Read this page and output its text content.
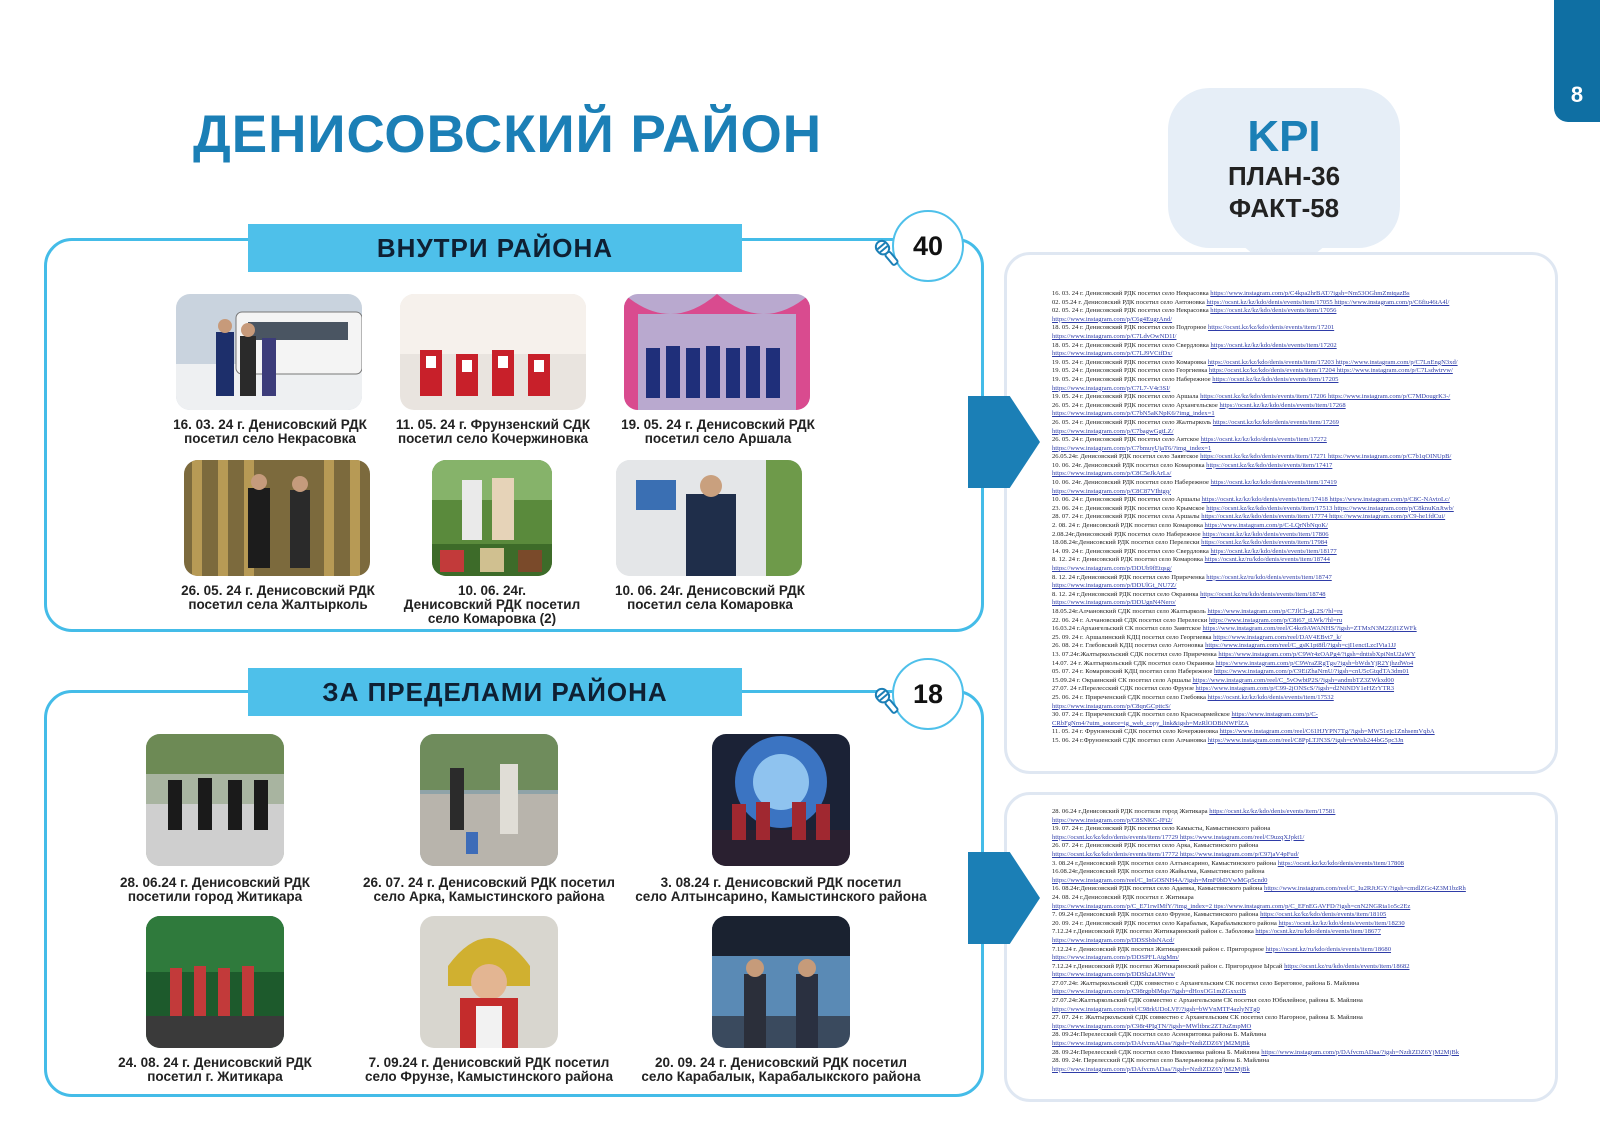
8
ДЕНИСОВСКИЙ РАЙОН	KPI
ПЛАН-36
ФАКТ-58
ВНУТРИ РАЙОНА	40
ЗА ПРЕДЕЛАМИ РАЙОНА	18
16. 03. 24 г. Денисовский РДК
посетил село Некрасовка
11. 05. 24 г. Фрунзенский СДК
посетил село Кочержиновка
19. 05. 24 г. Денисовский РДК
посетил село Аршала
26. 05. 24 г. Денисовский РДК
посетил села Жалтырколь
10. 06. 24г.
Денисовский РДК посетил
село Комаровка (2)
10. 06. 24г. Денисовский РДК
посетил села Комаровка
28. 06.24 г. Денисовский РДК
посетили город Житикара
26. 07. 24 г. Денисовский РДК посетил
село Арка, Камыстинского района
3. 08.24 г. Денисовский РДК посетил
село Алтынсарино, Камыстинского района
24. 08. 24 г. Денисовский РДК
посетил г. Житикара
7. 09.24 г. Денисовский РДК посетил
село Фрунзе, Камыстинского района
20. 09. 24 г. Денисовский РДК посетил
село Карабалык, Карабалыкского района

16. 03. 24 г. Денисовский РДК посетил село Некрасовка https://www.instagram.com/p/C4kpa2hrBAT/?igsh=Nm53OGhmZmtqazBs

02. 05.24 г. Денисовский РДК посетил село Антоновка https://ocsnt.kz/kz/kdo/denis/events/item/17055 https://www.instagram.com/p/C6fiu46tA4l/

02. 05. 24 г. Денисовский РДК посетил село Некрасовка https://ocsnt.kz/kz/kdo/denis/events/item/17056

https://www.instagram.com/p/C6g4EugrAnd/

18. 05. 24 г. Денисовский РДК посетил село Подгорное https://ocsnt.kz/kz/kdo/denis/events/item/17201

https://www.instagram.com/p/C7LdvOwND1I/

18. 05. 24 г. Денисовский РДК посетил село Свердловка https://ocsnt.kz/kz/kdo/denis/events/item/17202

https://www.instagram.com/p/C7LJ9VCtfDx/

19. 05. 24 г. Денисовский РДК посетил село Комаровка https://ocsnt.kz/kz/kdo/denis/events/item/17203 https://www.instagram.com/p/C7LnEngN3xd/

19. 05. 24 г. Денисовский РДК посетил село Георгиевка https://ocsnt.kz/kz/kdo/denis/events/item/17204 https://www.instagram.com/p/C7Lsdwtrvw/

19. 05. 24 г. Денисовский РДК посетил село Набережное https://ocsnt.kz/kz/kdo/denis/events/item/17205

https://www.instagram.com/p/C7L7-V4r3SI/

19. 05. 24 г. Денисовский РДК посетил село Аршала https://ocsnt.kz/kz/kdo/denis/events/item/17206 https://www.instagram.com/p/C7MDougrK3-/

26. 05. 24 г. Денисовский РДК посетил село Архангельское https://ocsnt.kz/kz/kdo/denis/events/item/17268

https://www.instagram.com/p/C7bN5aKNpK6/?img_index=1

26. 05. 24 г. Денисовский РДК посетил село Жалтырколь https://ocsnt.kz/kz/kdo/denis/events/item/17269

https://www.instagram.com/p/C7bagwGgtLZ/

26. 05. 24 г. Денисовский РДК посетил село Аятское https://ocsnt.kz/kz/kdo/denis/events/item/17272

https://www.instagram.com/p/C7bmuyUjaT6/?img_index=1

26.05.24г. Денисовский РДК посетил село Заявтское https://ocsnt.kz/kz/kdo/denis/events/item/17271 https://www.instagram.com/p/C7b1qOINUpB/

10. 06. 24г. Денисовский РДК посетил село Комаровка https://ocsnt.kz/kz/kdo/denis/events/item/17417

https://www.instagram.com/p/C8C5eJkArLs/

10. 06. 24г. Денисовский РДК посетил село Набережное https://ocsnt.kz/kz/kdo/denis/events/item/17419

https://www.instagram.com/p/C8C87VIhtgq/

10. 06. 24 г. Денисовский РДК посетил село Аршалы https://ocsnt.kz/kz/kdo/denis/events/item/17418 https://www.instagram.com/p/C8C-NAvtoLc/

23. 06. 24 г. Денисовский РДК посетил село Крымское https://ocsnt.kz/kz/kdo/denis/events/item/17513 https://www.instagram.com/p/C8knuKnJtwb/

28. 07. 24 г. Денисовский РДК посетил села Аршалы https://ocsnt.kz/kz/kdo/denis/events/item/17774 https://www.instagram.com/p/C9-he1fdCui/

2. 08. 24 г. Денисовский РДК посетил село Комаровка https://www.instagram.com/p/C-LQrNbNqoK/

2.08.24г.Денисовский РДК посетил село Набережное https://ocsnt.kz/kz/kdo/denis/events/item/17806

18.08.24г.Денисовский РДК посетил село Перелески https://ocsnt.kz/kz/kdo/denis/events/item/17984

14. 09. 24 г. Денисовский РДК посетил село Свердловка https://ocsnt.kz/kz/kdo/denis/events/item/18177

8. 12. 24 г. Денисовский РДК посетил село Комаровка https://ocsnt.kz/ru/kdo/denis/events/item/18744

https://www.instagram.com/p/DDUb9fEtqsg/

8. 12. 24 г.Денисовский РДК посетил село Приреченка https://ocsnt.kz/ru/kdo/denis/events/item/18747

https://www.instagram.com/p/DDUlGt_NU7Z/

8. 12. 24 г.Денисовский РДК посетил село Окраинка https://ocsnt.kz/ru/kdo/denis/events/item/18748

https://www.instagram.com/p/DDUgnN4Nero/

18.05.24г.Алчановский СДК посетил село Жалтырколь https://www.instagram.com/p/C7JlCb-gL2S/?hl=ru

22. 06. 24 г. Алчановский СДК посетил село Перелески https://www.instagram.com/p/C8i67_tLWk/?hl=ru

16.03.24 г.Архангельский СК посетил село Заявтское https://www.instagram.com/reel/C4ko9AWANHS/?igsh=ZTMxN3M2ZjI1ZWFk

25. 09. 24 г. Аршалинский КДЦ посетил село Георгиевка https://www.instagram.com/reel/DAV4EBvt7_k/

26. 08. 24 г. Глебовский КДЦ посетил село Антоновка https://www.instagram.com/reel/C_gsK1pt8fl/?igsh=cjI1enctLzcIVia1JJ

13. 07.24г.Жалтыркольский СДК посетил село Приреченка https://www.instagram.com/p/C9Wr4zOAPg4/?igsh=dnttsbXpiNnU2aWY

14.07. 24 г. Жалтыркольский СДК посетил село Окраинка https://www.instagram.com/p/C9WraZRgTgs/?igsh=bWdsYjR2YjhzdWo4

05. 07. 24 г. Комаровский КДЦ посетил село Набережное https://www.instagram.com/p/C9EiZhaNrnU/?igsh=cnU5cGtqdTA3dm01

15.09.24 г. Окраинский СК посетил село Аршалы https://www.instagram.com/reel/C_5vOwbtP2S/?igsh=andmbTZ3ZWkxd00

27.07. 24 г.Перелесский СДК посетил село Фрунзе https://www.instagram.com/p/C99-2jONScS/?igsh=d2NiNDY1eHZrYTR3

25. 06. 24 г. Приреченский СДК посетил село Глебовка https://ocsnt.kz/kz/kdo/denis/events/item/17532

https://www.instagram.com/p/C8qnGCpttcS/

30. 07. 24 г. Приреченский СДК посетил село Красноармейское https://www.instagram.com/p/C-

CRbFgNrn4/?utm_source=ig_web_copy_link&igsh=MzRlODBiNWFlZA

11. 05. 24 г. Фрунзенский СДК посетил село Кочержиновка https://www.instagram.com/reel/C61HJYPN7Tg/?igsh=MW51ejc1ZnhsemVqbA

15. 06. 24 г.Фрунзенский СДК посетил село Алчановка https://www.instagram.com/reel/C8PpLTJN3S/?igsh=cWtsb244bG5pc3Jn

28. 06.24 г.Денисовский РДК посетили город Житикара https://ocsnt.kz/kz/kdo/denis/events/item/17581

https://www.instagram.com/p/C8SNKC-JFt2/

19. 07. 24 г. Денисовский РДК посетил село Камысты, Камыстинского района

https://ocsnt.kz/kz/kdo/denis/events/item/17729 https://www.instagram.com/reel/C9uzqXJpkt1/

26. 07. 24 г. Денисовский РДК посетил село Арка, Камыстинского района

https://ocsnt.kz/kz/kdo/denis/events/item/17772 https://www.instagram.com/p/C97jaV4pFud/

3. 08.24 г.Денисовский РДК посетил село Алтынсарино, Камыстинского района https://ocsnt.kz/kz/kdo/denis/events/item/17808

16.08.24г.Денисовский РДК посетил село Жайылма, Камыстинского района

https://www.instagram.com/reel/C_InGOSNH4A/?igsh=MmF0bDVwMGp5cnd0

16. 08.24г.Денисовский РДК посетил село Адаевка, Камыстинского района https://www.instagram.com/reel/C_Iu2RJtJGY/?igsh=cmdlZGc4Z3M1bzRh

24. 08. 24 г.Денисовский РДК посетил г. Житикара

https://www.instagram.com/p/C_E71rwIMfY/?img_index=2 ttps://www.instagram.com/p/C_EFnEGAVFD/?igsh=cnN2NGRta1o5c2Ez

7. 09.24 г.Денисовский РДК посетил село Фрунзе, Камыстинского района https://ocsnt.kz/kz/kdo/denis/events/item/18105

20. 09. 24 г. Денисовский РДК посетил село Карабалык, Карабалыкского района https://ocsnt.kz/kz/kdo/denis/events/item/18230

7.12.24 г.Денисовский РДК посетил Житикаринский район с. Заболовка https://ocsnt.kz/ru/kdo/denis/events/item/18677

https://www.instagram.com/p/DDSSbIsNAcd/

7.12.24 г. Денисовский РДК посетил Житикаринский район с. Пригородное https://ocsnt.kz/ru/kdo/denis/events/item/18680

https://www.instagram.com/p/DDSPFLAtgMm/

7.12.24 г.Денисовский РДК посетил Житикаринский район с. Пригородное Ырсай https://ocsnt.kz/ru/kdo/denis/events/item/18682

https://www.instagram.com/p/DDSh2aUtWvs/

27.07.24г. Жалтыркольский СДК совместно с Архангельским СК посетил село Береговое, района Б. Майлина

https://www.instagram.com/p/C98rgpbIMqo/?igsh=dHoxOG1mZGxxciB

27.07.24г.Жалтыркольский СДК совместно с Архангельским СК посетил село Юбилейное, района Б. Майлина

https://www.instagram.com/reel/C98rkUDoLVF/?igsh=bWVnMTF4azlyNTg0

27. 07. 24 г. Жалтыркольский СДК совместно с Архангельским СК посетил село Нагорное, района Б. Майлина

https://www.instagram.com/p/C98r4PIgTN/?igsh=MWltbnc2ZTJuZmpMO

28. 09.24г.Перелесский СДК посетил село Асенкритовка района Б. Майлина

https://www.instagram.com/p/DAfvcmADaa/?igsh=NzdiZDZ6YjM2MjBk

28. 09.24г.Перелесский СДК посетил село Николаевка района Б. Майлина https://www.instagram.com/p/DAfvcmADaa/?igsh=NzdiZDZ6YjM2MjBk

28. 09. 24г. Перелесский СДК посетил село Валерьяновка района Б. Майлина

https://www.instagram.com/p/DAfvcmADaa/?igsh=NzdiZDZ6YjM2MjBk
